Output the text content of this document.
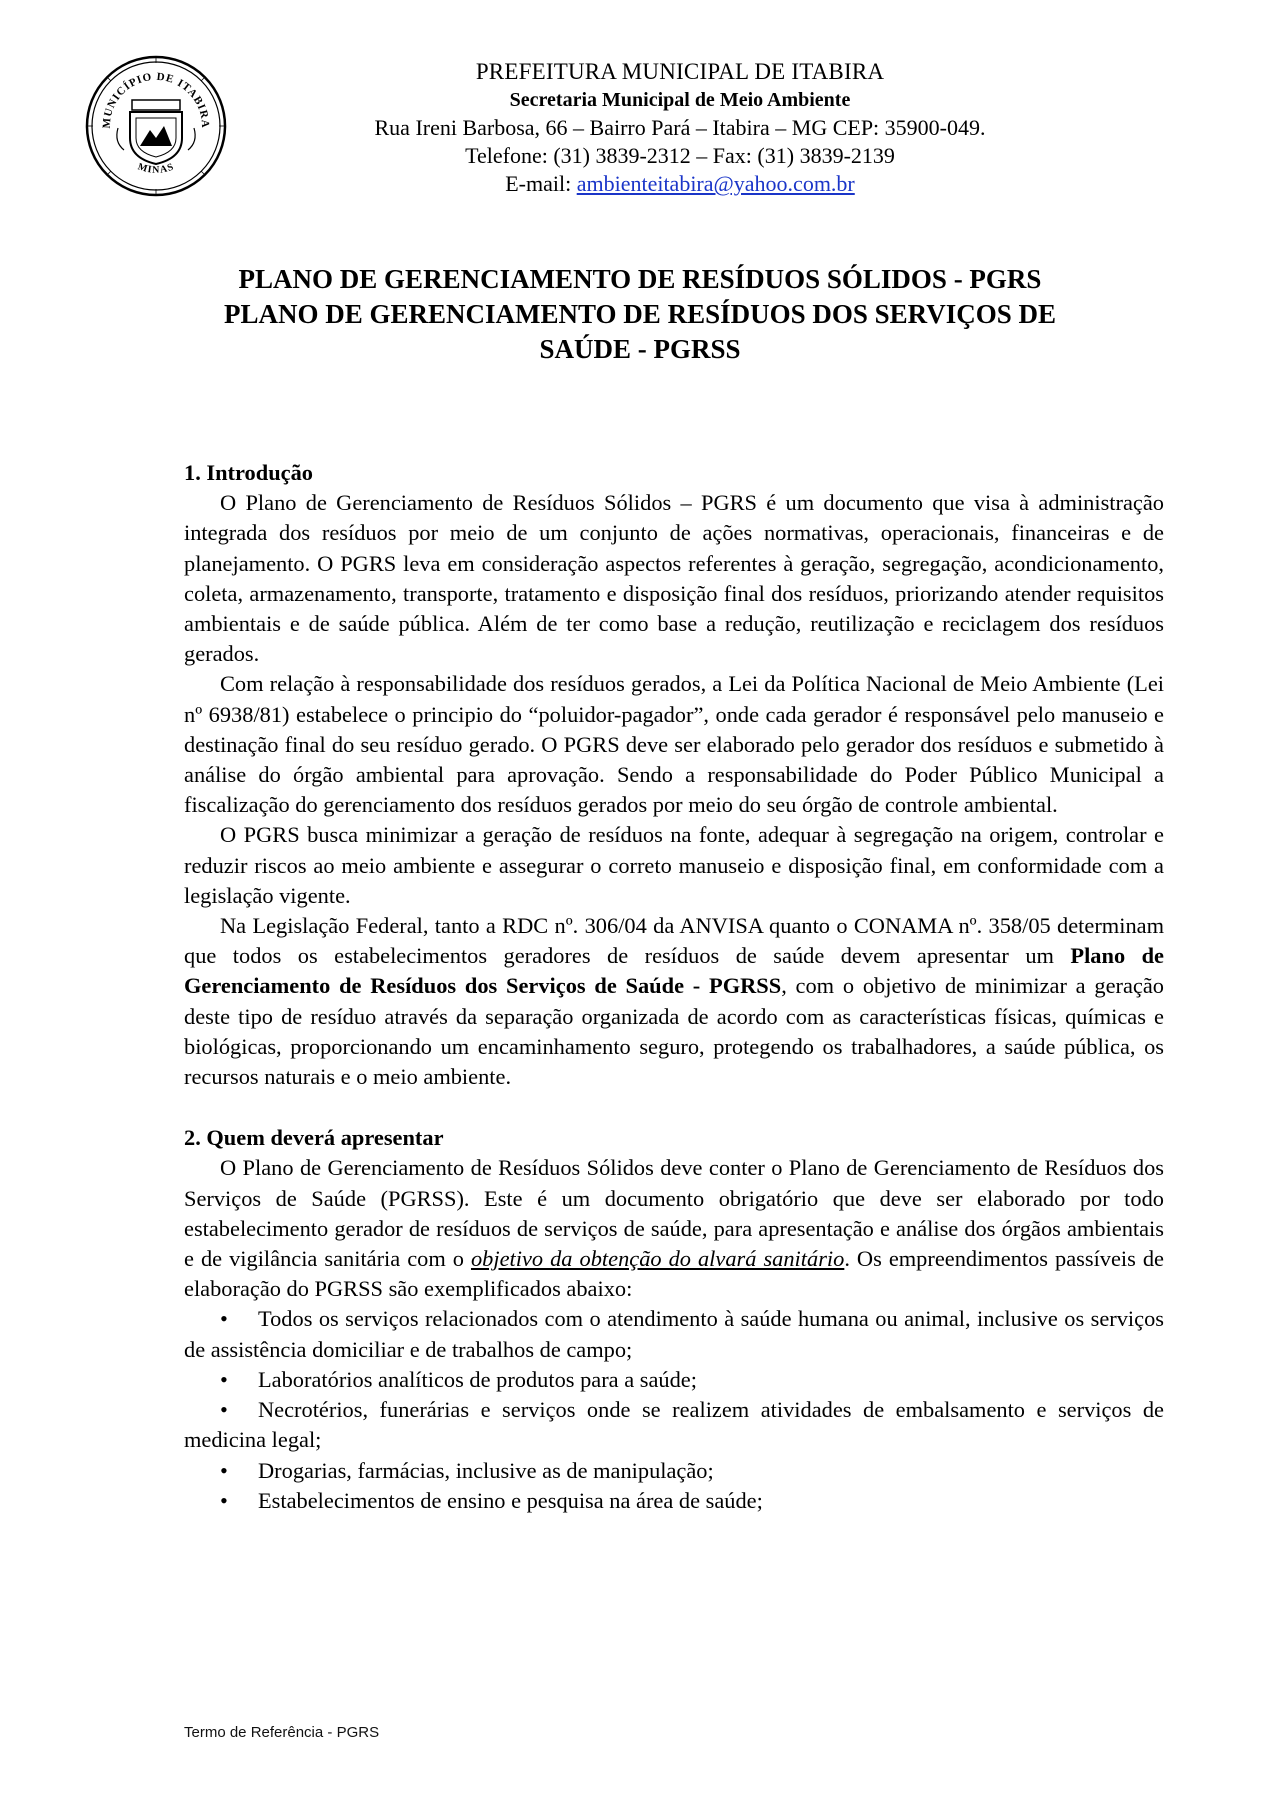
MUNICÍPIO DE ITABIRA
MINAS
PREFEITURA MUNICIPAL DE ITABIRA
Secretaria Municipal de Meio Ambiente
Rua Ireni Barbosa, 66 – Bairro Pará – Itabira – MG CEP: 35900-049.
Telefone: (31) 3839-2312 – Fax: (31) 3839-2139
E-mail: ambienteitabira@yahoo.com.br
PLANO DE GERENCIAMENTO DE RESÍDUOS SÓLIDOS - PGRS
PLANO DE GERENCIAMENTO DE RESÍDUOS DOS SERVIÇOS DE
SAÚDE - PGRSS
1. Introdução

O Plano de Gerenciamento de Resíduos Sólidos – PGRS é um documento que visa à administração integrada dos resíduos por meio de um conjunto de ações normativas, operacionais, financeiras e de planejamento. O PGRS leva em consideração aspectos referentes à geração, segregação, acondicionamento, coleta, armazenamento, transporte, tratamento e disposição final dos resíduos, priorizando atender requisitos ambientais e de saúde pública. Além de ter como base a redução, reutilização e reciclagem dos resíduos gerados.

Com relação à responsabilidade dos resíduos gerados, a Lei da Política Nacional de Meio Ambiente (Lei nº 6938/81) estabelece o principio do “poluidor-pagador”, onde cada gerador é responsável pelo manuseio e destinação final do seu resíduo gerado. O PGRS deve ser elaborado pelo gerador dos resíduos e submetido à análise do órgão ambiental para aprovação. Sendo a responsabilidade do Poder Público Municipal a fiscalização do gerenciamento dos resíduos gerados por meio do seu órgão de controle ambiental.

O PGRS busca minimizar a geração de resíduos na fonte, adequar à segregação na origem, controlar e reduzir riscos ao meio ambiente e assegurar o correto manuseio e disposição final, em conformidade com a legislação vigente.

Na Legislação Federal, tanto a RDC nº. 306/04 da ANVISA quanto o CONAMA nº. 358/05 determinam que todos os estabelecimentos geradores de resíduos de saúde devem apresentar um Plano de Gerenciamento de Resíduos dos Serviços de Saúde - PGRSS, com o objetivo de minimizar a geração deste tipo de resíduo através da separação organizada de acordo com as características físicas, químicas e biológicas, proporcionando um encaminhamento seguro, protegendo os trabalhadores, a saúde pública, os recursos naturais e o meio ambiente.

2. Quem deverá apresentar

O Plano de Gerenciamento de Resíduos Sólidos deve conter o Plano de Gerenciamento de Resíduos dos Serviços de Saúde (PGRSS). Este é um documento obrigatório que deve ser elaborado por todo estabelecimento gerador de resíduos de serviços de saúde, para apresentação e análise dos órgãos ambientais e de vigilância sanitária com o objetivo da obtenção do alvará sanitário. Os empreendimentos passíveis de elaboração do PGRSS são exemplificados abaixo:

• Todos os serviços relacionados com o atendimento à saúde humana ou animal, inclusive os serviços de assistência domiciliar e de trabalhos de campo;
• Laboratórios analíticos de produtos para a saúde;
• Necrotérios, funerárias e serviços onde se realizem atividades de embalsamento e serviços de medicina legal;
• Drogarias, farmácias, inclusive as de manipulação;
• Estabelecimentos de ensino e pesquisa na área de saúde;
Termo de Referência - PGRS
